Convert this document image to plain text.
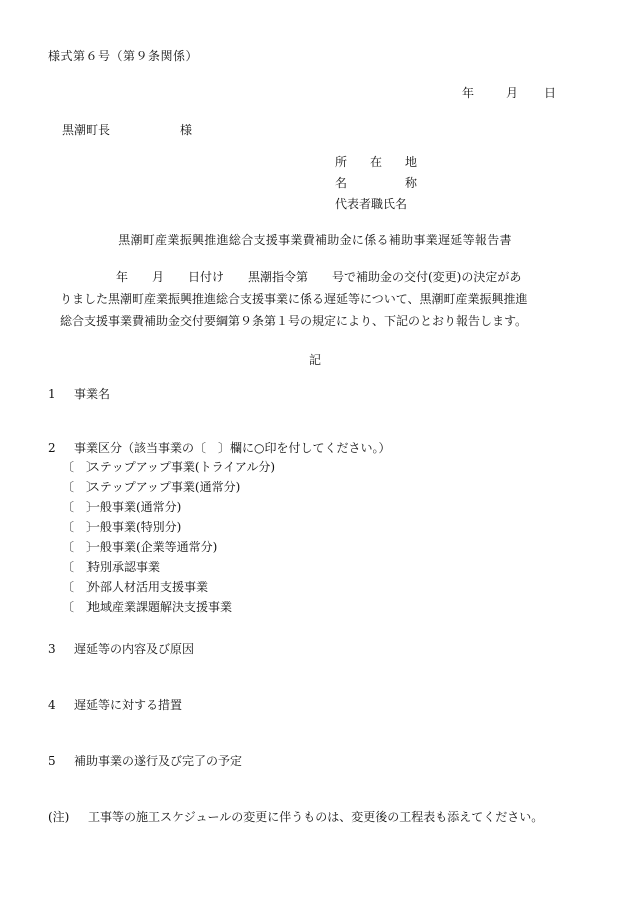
様式第６号（第９条関係）
年	月 日
黒潮町長	様
所 在 地
名	称
代表者職氏名
黒潮町産業振興推進総合支援事業費補助金に係る補助事業遅延等報告書
年　　月　　日付け　　黒潮指令第　　号で補助金の交付(変更)の決定があ
りました黒潮町産業振興推進総合支援事業に係る遅延等について、黒潮町産業振興推進
総合支援事業費補助金交付要綱第９条第１号の規定により、下記のとおり報告します。
記
1 事業名
2 事業区分（該当事業の〔　〕欄に○印を付してください。）
〔　〕ステップアップ事業(トライアル分)
〔　〕ステップアップ事業(通常分)
〔　〕一般事業(通常分)
〔　〕一般事業(特別分)
〔　〕一般事業(企業等通常分)
〔　〕特別承認事業
〔　〕外部人材活用支援事業
〔　〕地域産業課題解決支援事業
3 遅延等の内容及び原因
4 遅延等に対する措置
5 補助事業の遂行及び完了の予定
(注) 工事等の施工スケジュールの変更に伴うものは、変更後の工程表も添えてください。
